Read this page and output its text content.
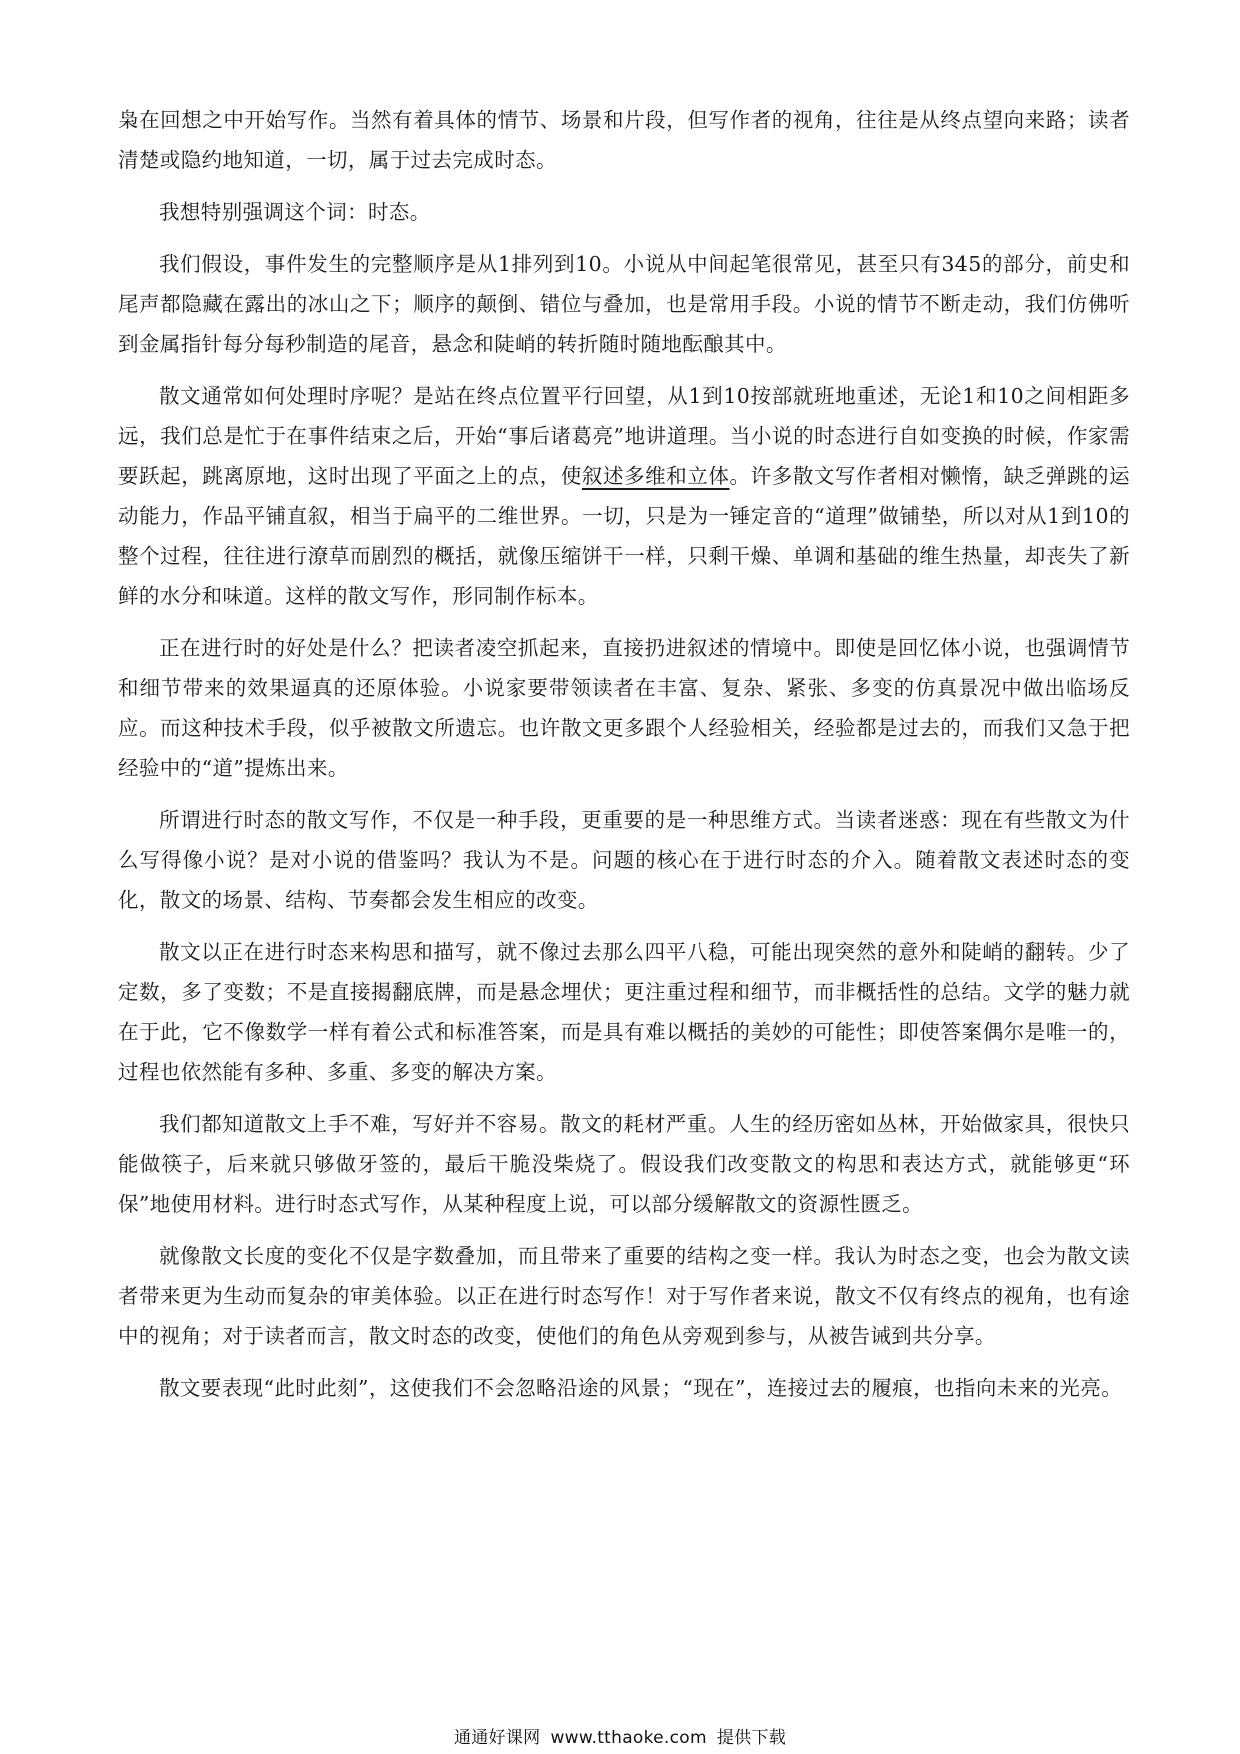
枭在回想之中开始写作。当然有着具体的情节、场景和片段，但写作者的视角，往往是从终点望向来路；读者清楚或隐约地知道，一切，属于过去完成时态。

我想特别强调这个词：时态。

我们假设，事件发生的完整顺序是从1排列到10。小说从中间起笔很常见，甚至只有345的部分，前史和尾声都隐藏在露出的冰山之下；顺序的颠倒、错位与叠加，也是常用手段。小说的情节不断走动，我们仿佛听到金属指针每分每秒制造的尾音，悬念和陡峭的转折随时随地酝酿其中。

散文通常如何处理时序呢？是站在终点位置平行回望，从1到10按部就班地重述，无论1和10之间相距多远，我们总是忙于在事件结束之后，开始“事后诸葛亮”地讲道理。当小说的时态进行自如变换的时候，作家需要跃起，跳离原地，这时出现了平面之上的点，使叙述多维和立体。许多散文写作者相对懒惰，缺乏弹跳的运动能力，作品平铺直叙，相当于扁平的二维世界。一切，只是为一锤定音的“道理”做铺垫，所以对从1到10的整个过程，往往进行潦草而剧烈的概括，就像压缩饼干一样，只剩干燥、单调和基础的维生热量，却丧失了新鲜的水分和味道。这样的散文写作，形同制作标本。

正在进行时的好处是什么？把读者凌空抓起来，直接扔进叙述的情境中。即使是回忆体小说，也强调情节和细节带来的效果逼真的还原体验。小说家要带领读者在丰富、复杂、紧张、多变的仿真景况中做出临场反应。而这种技术手段，似乎被散文所遗忘。也许散文更多跟个人经验相关，经验都是过去的，而我们又急于把经验中的“道”提炼出来。

所谓进行时态的散文写作，不仅是一种手段，更重要的是一种思维方式。当读者迷惑：现在有些散文为什么写得像小说？是对小说的借鉴吗？我认为不是。问题的核心在于进行时态的介入。随着散文表述时态的变化，散文的场景、结构、节奏都会发生相应的改变。

散文以正在进行时态来构思和描写，就不像过去那么四平八稳，可能出现突然的意外和陡峭的翻转。少了定数，多了变数；不是直接揭翻底牌，而是悬念埋伏；更注重过程和细节，而非概括性的总结。文学的魅力就在于此，它不像数学一样有着公式和标准答案，而是具有难以概括的美妙的可能性；即使答案偶尔是唯一的，过程也依然能有多种、多重、多变的解决方案。

我们都知道散文上手不难，写好并不容易。散文的耗材严重。人生的经历密如丛林，开始做家具，很快只能做筷子，后来就只够做牙签的，最后干脆没柴烧了。假设我们改变散文的构思和表达方式，就能够更“环保”地使用材料。进行时态式写作，从某种程度上说，可以部分缓解散文的资源性匮乏。

就像散文长度的变化不仅是字数叠加，而且带来了重要的结构之变一样。我认为时态之变，也会为散文读者带来更为生动而复杂的审美体验。以正在进行时态写作！对于写作者来说，散文不仅有终点的视角，也有途中的视角；对于读者而言，散文时态的改变，使他们的角色从旁观到参与，从被告诫到共分享。

散文要表现“此时此刻”，这使我们不会忽略沿途的风景；“现在”，连接过去的履痕，也指向未来的光亮。

通通好课网 www.tthaoke.com 提供下载
